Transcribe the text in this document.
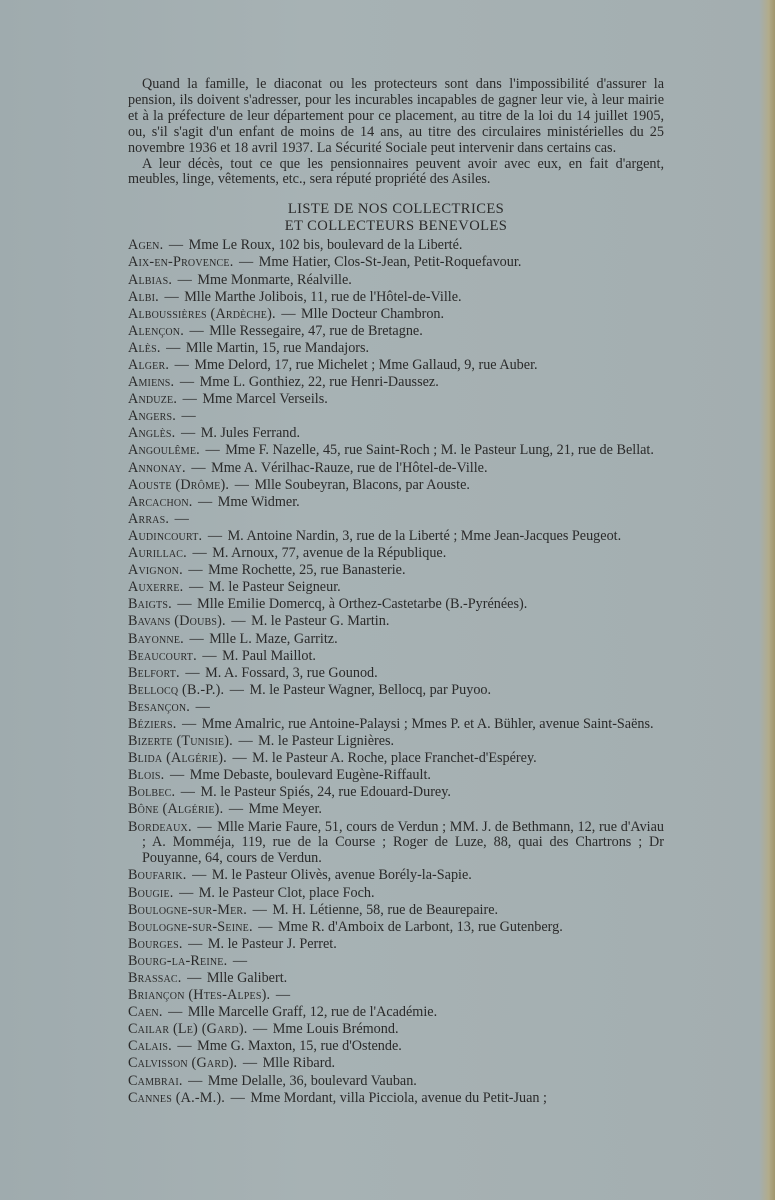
Quand la famille, le diaconat ou les protecteurs sont dans l'impossibilité d'assurer la pension, ils doivent s'adresser, pour les incurables incapables de gagner leur vie, à leur mairie et à la préfecture de leur département pour ce placement, au titre de la loi du 14 juillet 1905, ou, s'il s'agit d'un enfant de moins de 14 ans, au titre des circulaires ministérielles du 25 novembre 1936 et 18 avril 1937. La Sécurité Sociale peut intervenir dans certains cas.

A leur décès, tout ce que les pensionnaires peuvent avoir avec eux, en fait d'argent, meubles, linge, vêtements, etc., sera réputé propriété des Asiles.

LISTE DE NOS COLLECTRICES
ET COLLECTEURS BENEVOLES
Agen. — Mme Le Roux, 102 bis, boulevard de la Liberté.
Aix-en-Provence. — Mme Hatier, Clos-St-Jean, Petit-Roquefavour.
Albias. — Mme Monmarte, Réalville.
Albi. — Mlle Marthe Jolibois, 11, rue de l'Hôtel-de-Ville.
Alboussières (Ardèche). — Mlle Docteur Chambron.
Alençon. — Mlle Ressegaire, 47, rue de Bretagne.
Alès. — Mlle Martin, 15, rue Mandajors.
Alger. — Mme Delord, 17, rue Michelet ; Mme Gallaud, 9, rue Auber.
Amiens. — Mme L. Gonthiez, 22, rue Henri-Daussez.
Anduze. — Mme Marcel Verseils.
Angers. —
Anglès. — M. Jules Ferrand.
Angoulême. — Mme F. Nazelle, 45, rue Saint-Roch ; M. le Pasteur Lung, 21, rue de Bellat.
Annonay. — Mme A. Vérilhac-Rauze, rue de l'Hôtel-de-Ville.
Aouste (Drôme). — Mlle Soubeyran, Blacons, par Aouste.
Arcachon. — Mme Widmer.
Arras. —
Audincourt. — M. Antoine Nardin, 3, rue de la Liberté ; Mme Jean-Jacques Peugeot.
Aurillac. — M. Arnoux, 77, avenue de la République.
Avignon. — Mme Rochette, 25, rue Banasterie.
Auxerre. — M. le Pasteur Seigneur.
Baigts. — Mlle Emilie Domercq, à Orthez-Castetarbe (B.-Pyrénées).
Bavans (Doubs). — M. le Pasteur G. Martin.
Bayonne. — Mlle L. Maze, Garritz.
Beaucourt. — M. Paul Maillot.
Belfort. — M. A. Fossard, 3, rue Gounod.
Bellocq (B.-P.). — M. le Pasteur Wagner, Bellocq, par Puyoo.
Besançon. —
Béziers. — Mme Amalric, rue Antoine-Palaysi ; Mmes P. et A. Bühler, avenue Saint-Saëns.
Bizerte (Tunisie). — M. le Pasteur Lignières.
Blida (Algérie). — M. le Pasteur A. Roche, place Franchet-d'Espérey.
Blois. — Mme Debaste, boulevard Eugène-Riffault.
Bolbec. — M. le Pasteur Spiés, 24, rue Edouard-Durey.
Bône (Algérie). — Mme Meyer.
Bordeaux. — Mlle Marie Faure, 51, cours de Verdun ; MM. J. de Bethmann, 12, rue d'Aviau ; A. Momméja, 119, rue de la Course ; Roger de Luze, 88, quai des Chartrons ; Dr Pouyanne, 64, cours de Verdun.
Boufarik. — M. le Pasteur Olivès, avenue Borély-la-Sapie.
Bougie. — M. le Pasteur Clot, place Foch.
Boulogne-sur-Mer. — M. H. Létienne, 58, rue de Beaurepaire.
Boulogne-sur-Seine. — Mme R. d'Amboix de Larbont, 13, rue Gutenberg.
Bourges. — M. le Pasteur J. Perret.
Bourg-la-Reine. —
Brassac. — Mlle Galibert.
Briançon (Htes-Alpes). —
Caen. — Mlle Marcelle Graff, 12, rue de l'Académie.
Cailar (Le) (Gard). — Mme Louis Brémond.
Calais. — Mme G. Maxton, 15, rue d'Ostende.
Calvisson (Gard). — Mlle Ribard.
Cambrai. — Mme Delalle, 36, boulevard Vauban.
Cannes (A.-M.). — Mme Mordant, villa Picciola, avenue du Petit-Juan ;
